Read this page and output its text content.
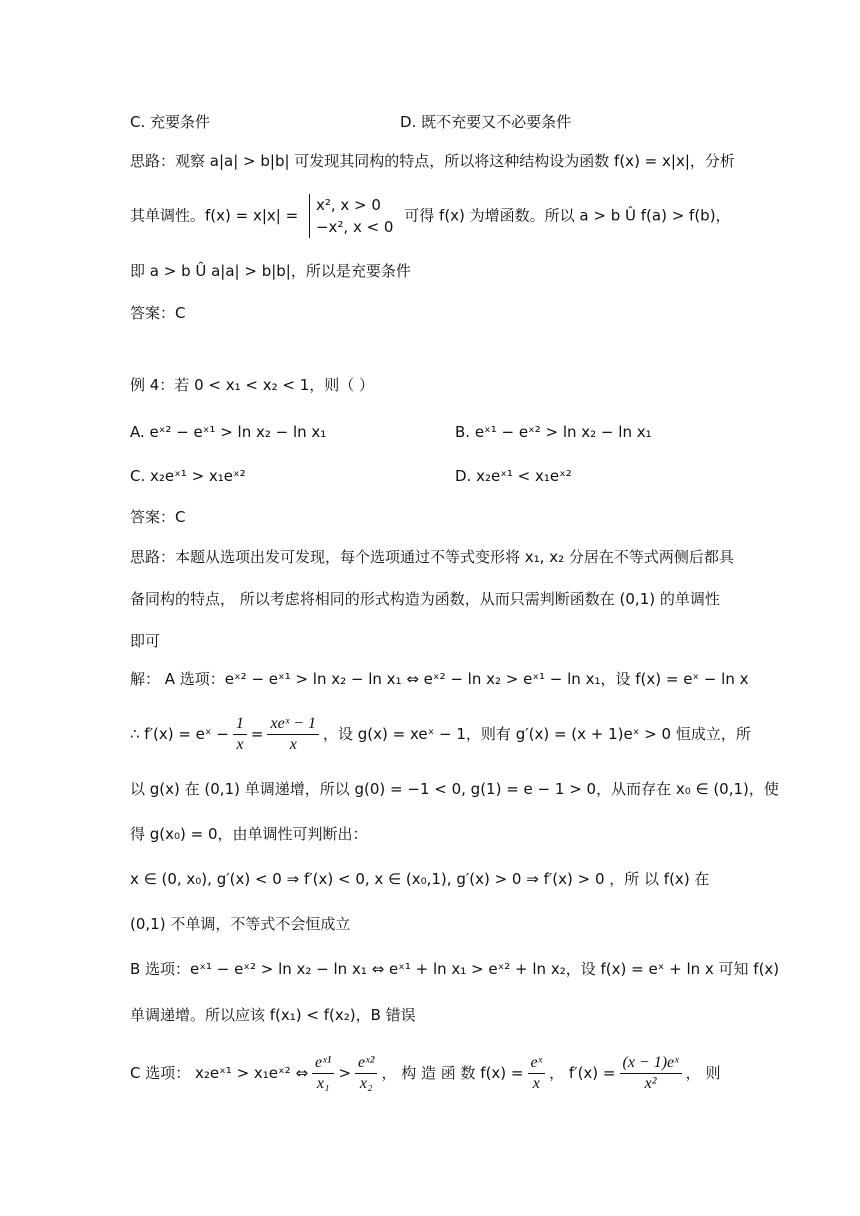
C. 充要条件	D. 既不充要又不必要条件
思路：观察 a|a| > b|b| 可发现其同构的特点，所以将这种结构设为函数 f(x) = x|x|，分析
其单调性。f(x) = x|x| =
x², x > 0
−x², x < 0
可得 f(x) 为增函数。所以 a > b Û f(a) > f(b)，
即 a > b Û a|a| > b|b|，所以是充要条件
答案：C
例 4：若 0 < x₁ < x₂ < 1，则（ ）
A. eˣ² − eˣ¹ > ln x₂ − ln x₁	B. eˣ¹ − eˣ² > ln x₂ − ln x₁
C. x₂eˣ¹ > x₁eˣ²	D. x₂eˣ¹ < x₁eˣ²
答案：C
思路：本题从选项出发可发现，每个选项通过不等式变形将 x₁, x₂ 分居在不等式两侧后都具
备同构的特点， 所以考虑将相同的形式构造为函数，从而只需判断函数在 (0,1) 的单调性
即可
解： A 选项：eˣ² − eˣ¹ > ln x₂ − ln x₁ ⇔ eˣ² − ln x₂ > eˣ¹ − ln x₁，设 f(x) = eˣ − ln x
∴ f′(x) = eˣ − $\frac{1}{x} = \frac{\text{xeˣ − 1}}{x}$ ，设 g(x) = xeˣ − 1，则有 g′(x) = (x + 1)eˣ > 0 恒成立，所
以 g(x) 在 (0,1) 单调递增，所以 g(0) = −1 < 0, g(1) = e − 1 > 0，从而存在 x₀ ∈ (0,1)，使
得 g(x₀) = 0，由单调性可判断出：
x ∈ (0, x₀), g′(x) < 0 ⇒ f′(x) < 0, x ∈ (x₀,1), g′(x) > 0 ⇒ f′(x) > 0 ，所 以 f(x) 在
(0,1) 不单调，不等式不会恒成立
B 选项：eˣ¹ − eˣ² > ln x₂ − ln x₁ ⇔ eˣ¹ + ln x₁ > eˣ² + ln x₂，设 f(x) = eˣ + ln x 可知 f(x)
单调递增。所以应该 f(x₁) < f(x₂)，B 错误
C 选项： x₂eˣ¹ > x₁eˣ² ⇔ $\frac{\text{eˣ¹}}{\text{x₁}} > \frac{\text{eˣ²}}{\text{x₂}}$ ， 构 造 函 数 $f(x) = \frac{\text{eˣ}}{x}$ ， $f'(x) = \frac{\text{(x − 1)eˣ}}{\text{x²}}$ ， 则
